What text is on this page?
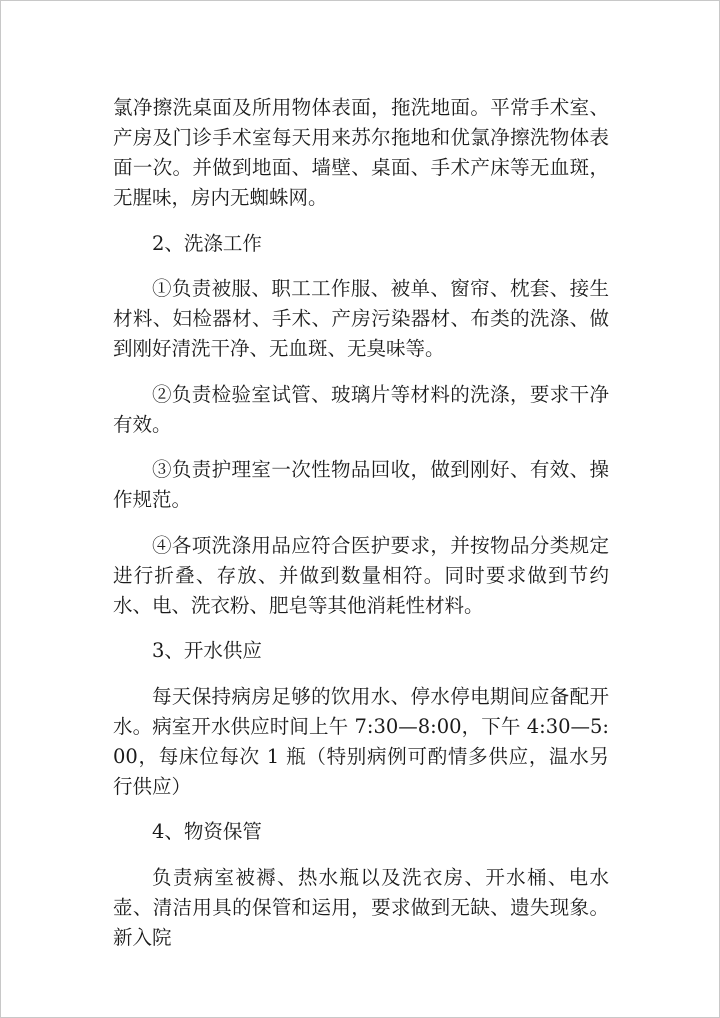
氯净擦洗桌面及所用物体表面，拖洗地面。平常手术室、产房及门诊手术室每天用来苏尔拖地和优氯净擦洗物体表面一次。并做到地面、墙壁、桌面、手术产床等无血斑，无腥味，房内无蜘蛛网。

2、洗涤工作

①负责被服、职工工作服、被单、窗帘、枕套、接生材料、妇检器材、手术、产房污染器材、布类的洗涤、做到刚好清洗干净、无血斑、无臭味等。

②负责检验室试管、玻璃片等材料的洗涤，要求干净有效。

③负责护理室一次性物品回收，做到刚好、有效、操作规范。

④各项洗涤用品应符合医护要求，并按物品分类规定进行折叠、存放、并做到数量相符。同时要求做到节约水、电、洗衣粉、肥皂等其他消耗性材料。

3、开水供应

每天保持病房足够的饮用水、停水停电期间应备配开水。病室开水供应时间上午 7:30—8:00，下午 4:30—5:00，每床位每次 1 瓶（特别病例可酌情多供应，温水另行供应）

4、物资保管

负责病室被褥、热水瓶以及洗衣房、开水桶、电水壶、清洁用具的保管和运用，要求做到无缺、遗失现象。新入院
